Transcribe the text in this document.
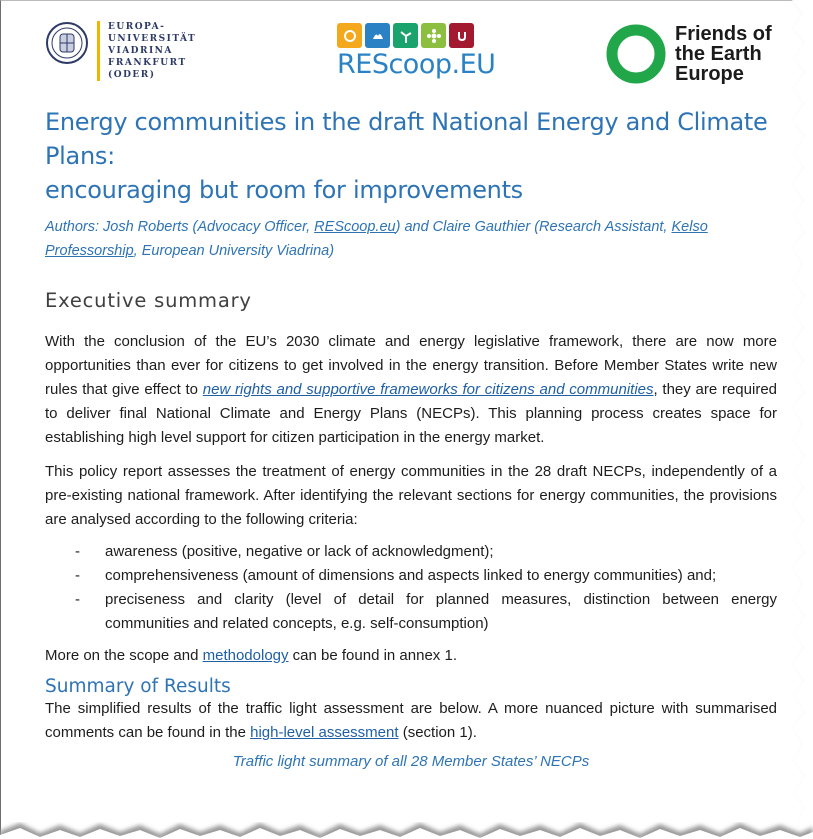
EUROPA-
UNIVERSITÄT
VIADRINA
FRANKFURT
(ODER)	REScoop.EU
Friends of
the Earth
Europe
Energy communities in the draft National Energy and Climate Plans:
encouraging but room for improvements
Authors: Josh Roberts (Advocacy Officer, REScoop.eu) and Claire Gauthier (Research Assistant, Kelso Professorship, European University Viadrina)
Executive summary

With the conclusion of the EU’s 2030 climate and energy legislative framework, there are now more opportunities than ever for citizens to get involved in the energy transition. Before Member States write new rules that give effect to new rights and supportive frameworks for citizens and communities, they are required to deliver final National Climate and Energy Plans (NECPs). This planning process creates space for establishing high level support for citizen participation in the energy market.

This policy report assesses the treatment of energy communities in the 28 draft NECPs, independently of a pre-existing national framework. After identifying the relevant sections for energy communities, the provisions are analysed according to the following criteria:

- awareness (positive, negative or lack of acknowledgment);
- comprehensiveness (amount of dimensions and aspects linked to energy communities) and;
- preciseness and clarity (level of detail for planned measures, distinction between energy communities and related concepts, e.g. self-consumption)

More on the scope and methodology can be found in annex 1.

Summary of Results

The simplified results of the traffic light assessment are below. A more nuanced picture with summarised comments can be found in the high-level assessment (section 1).

Traffic light summary of all 28 Member States’ NECPs
